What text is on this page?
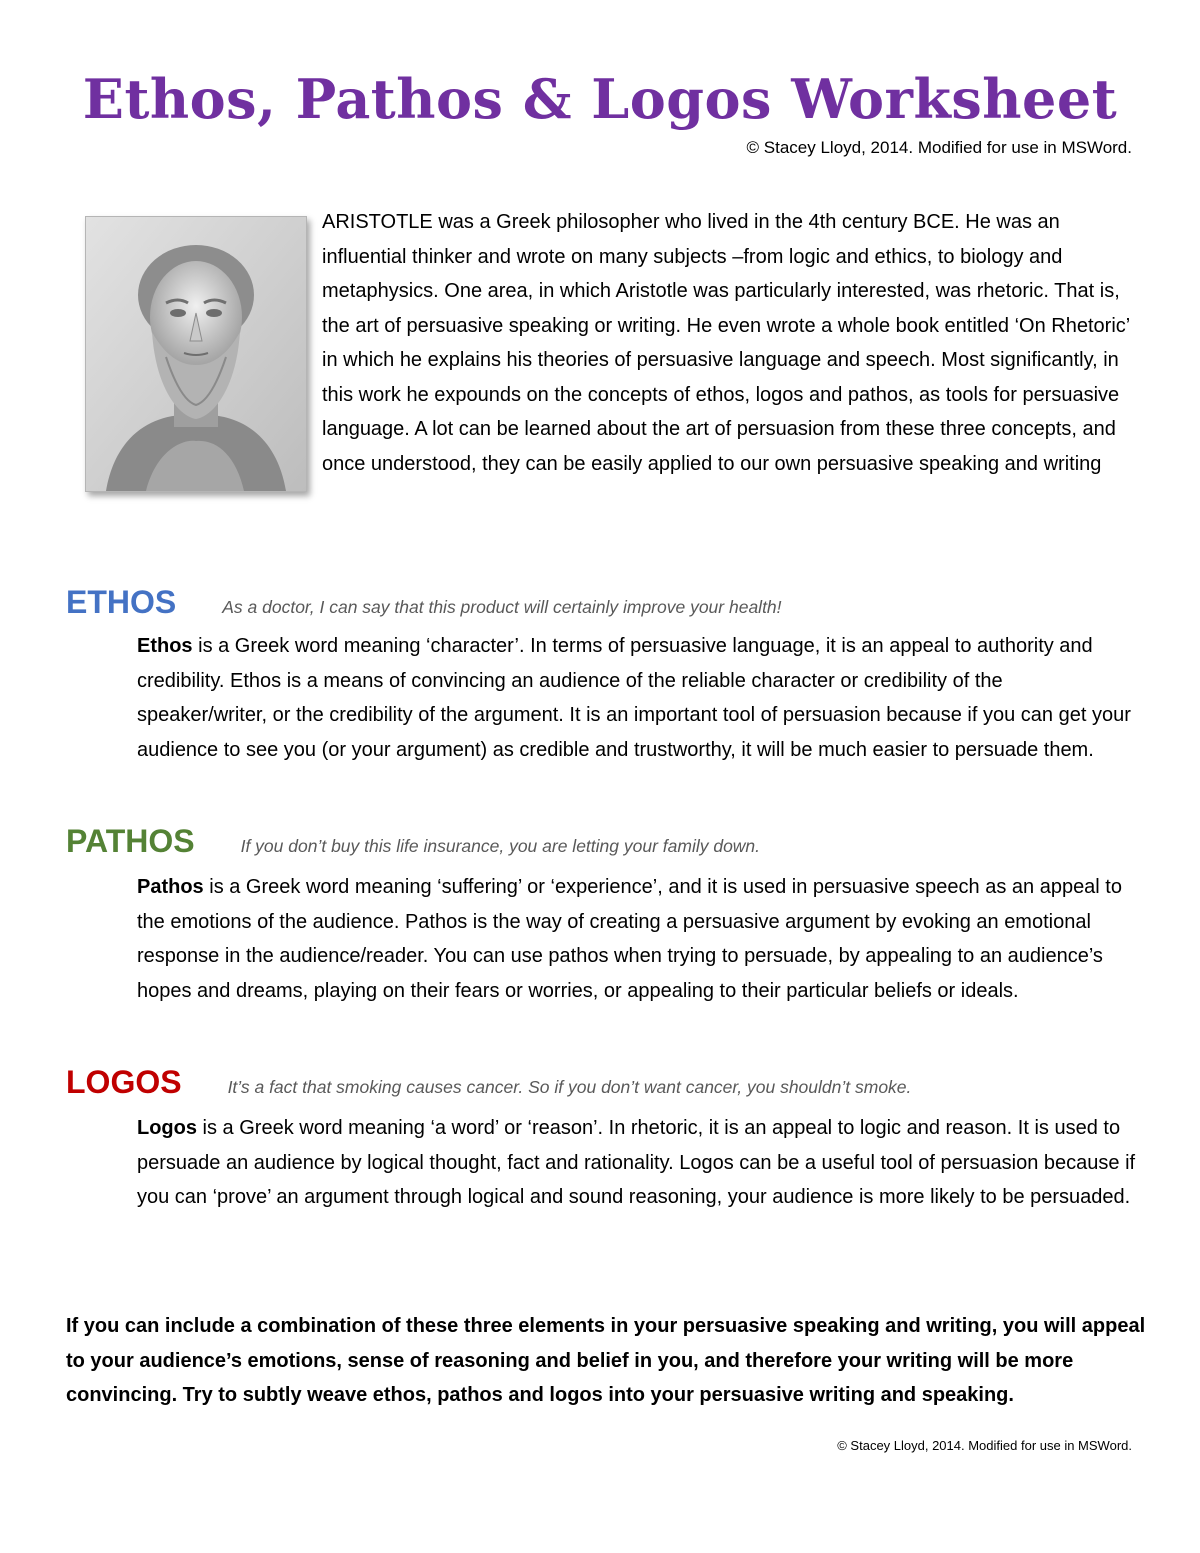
Ethos, Pathos & Logos Worksheet
© Stacey Lloyd, 2014. Modified for use in MSWord.

ARISTOTLE was a Greek philosopher who lived in the 4th century BCE. He was an influential thinker and wrote on many subjects –from logic and ethics, to biology and metaphysics. One area, in which Aristotle was particularly interested, was rhetoric. That is, the art of persuasive speaking or writing. He even wrote a whole book entitled ‘On Rhetoric’ in which he explains his theories of persuasive language and speech. Most significantly, in this work he expounds on the concepts of ethos, logos and pathos, as tools for persuasive language. A lot can be learned about the art of persuasion from these three concepts, and once understood, they can be easily applied to our own persuasive speaking and writing

ETHOS	As a doctor, I can say that this product will certainly improve your health!

Ethos is a Greek word meaning ‘character’. In terms of persuasive language, it is an appeal to authority and credibility. Ethos is a means of convincing an audience of the reliable character or credibility of the speaker/writer, or the credibility of the argument. It is an important tool of persuasion because if you can get your audience to see you (or your argument) as credible and trustworthy, it will be much easier to persuade them.

PATHOS	If you don’t buy this life insurance, you are letting your family down.

Pathos is a Greek word meaning ‘suffering’ or ‘experience’, and it is used in persuasive speech as an appeal to the emotions of the audience. Pathos is the way of creating a persuasive argument by evoking an emotional response in the audience/reader. You can use pathos when trying to persuade, by appealing to an audience’s hopes and dreams, playing on their fears or worries, or appealing to their particular beliefs or ideals.

LOGOS	It’s a fact that smoking causes cancer. So if you don’t want cancer, you shouldn’t smoke.

Logos is a Greek word meaning ‘a word’ or ‘reason’. In rhetoric, it is an appeal to logic and reason. It is used to persuade an audience by logical thought, fact and rationality. Logos can be a useful tool of persuasion because if you can ‘prove’ an argument through logical and sound reasoning, your audience is more likely to be persuaded.

If you can include a combination of these three elements in your persuasive speaking and writing, you will appeal to your audience’s emotions, sense of reasoning and belief in you, and therefore your writing will be more convincing. Try to subtly weave ethos, pathos and logos into your persuasive writing and speaking.

© Stacey Lloyd, 2014. Modified for use in MSWord.
